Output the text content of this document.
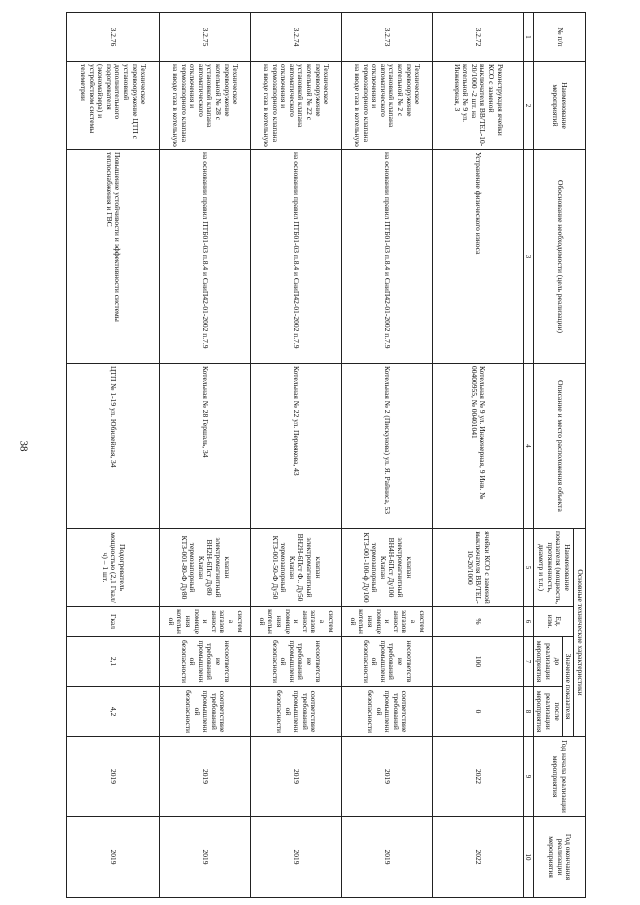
38
№ п/п	Наименование мероприятий	Обоснование необходимости (цель реализации)	Описание и место расположения объекта	Основные технические характеристики				Год начала реализации мероприятия	Год окончания реализации мероприятия
				Наименование показателя (мощность, протяженность, диаметр и т.п.)	Ед. изм.	Значение показателя			
						до реализации мероприятия	после реализации мероприятия		
1	2	3	4	5	6	7	8	9	10
3.2.72	Реконструкция ячейки КСО с заменой выключателя ВВ/TEL-10-20/1000 -2 шт. на котельной № 9 ул. Инженерная, 3	Устранение физического износа	Котельная № 9 ул. Инженерная, 9 Инв. № 00400955, № 00401041	ячейки КСО с заменой выключателя ВВ/TEL-10-20/1000	%	100	0	2022	2022
3.2.73	Техническое перевооружение котельной № 2 с установкой клапана автоматического отключения и термозапорного клапана на вводе газа в котельную	на основании правил ПТБ01-03 п.8.4 и СниП42-01-2002 п.7.9	Котельная № 2 (Пискунова) ул. Я. Райниса, 53	клапан электромагнитный ВН4Н-6Пст Ду100 Клапан термозапорный КТЗ-001-100-ф Ду100	система загазованности помещения котельной	несоответствие требований промышленной безопасности	соответствие требований промышленной безопасности	2019	2019
3.2.74	Техническое перевооружение котельной № 22 с установкой клапана автоматического отключения и термозапорного клапана на вводе газа в котельную	на основании правил ПТБ01-03 п.8.4 и СниП42-01-2002 п.7.9	Котельная № 22 ул. Пермякова, 43	клапан электромагнитный ВН2Н-6Пст Ф.. Ду50 Клапан термозапорный КТЗ-001-50-Ф Ду50	система загазованности помещения котельной	несоответствие требований промышленной безопасности	соответствие требований промышленной безопасности	2019	2019
3.2.75	Техническое перевооружение котельной № 28 с установкой клапана автоматического отключения и термозапорного клапана на вводе газа в котельную	на основании правил ПТБ01-03 п.8.4 и СниП42-01-2002 п.7.9	Котельная № 28 Гершаль, 34	клапан электромагнитный ВН2Н-6Пст Ду80 Клапан термозапорный КТЗ-001-80-Ф Ду80	система загазованности помещения котельной	несоответствие требований промышленной безопасности	соответствие требований промышленной безопасности	2019	2019
3.2.76	Техническое перевооружение ЦТП с установкой дополнительного подогревателя (экономайзера) и устройством системы телеметрии	Повышение устойчивости и эффективности системы теплоснабжения и ГВС	ЦТП № 1-19 ул. Юбилейная, 34	Подогреватель мощностью (2,1 Гкал/ч) – 1 шт.	Гкал	2,1	4,2	2019	2019
